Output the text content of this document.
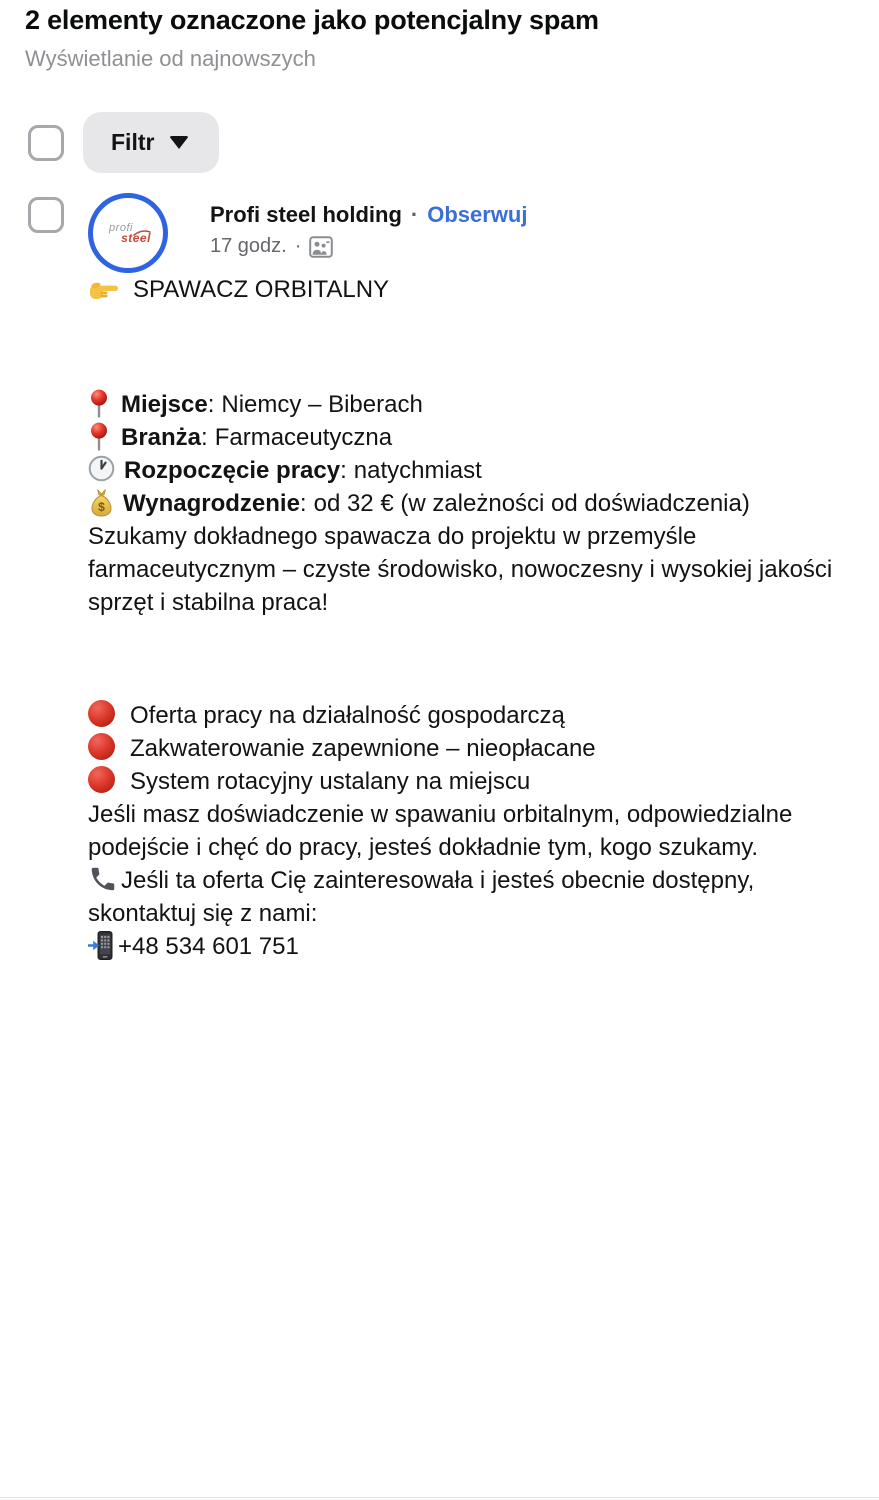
2 elementy oznaczone jako potencjalny spam
Wyświetlanie od najnowszych
Filtr
profi
steel
Profi steel holding · Obserwuj
17 godz. ·

SPAWACZ ORBITALNY

Miejsce: Niemcy – Biberach

Branża: Farmaceutyczna

Rozpoczęcie pracy: natychmiast

$ Wynagrodzenie: od 32 € (w zależności od doświadczenia)

Szukamy dokładnego spawacza do projektu w przemyśle farmaceutycznym – czyste środowisko, nowoczesny i wysokiej jakości sprzęt i stabilna praca!

Oferta pracy na działalność gospodarczą

Zakwaterowanie zapewnione – nieopłacane

System rotacyjny ustalany na miejscu

Jeśli masz doświadczenie w spawaniu orbitalnym, odpowiedzialne podejście i chęć do pracy, jesteś dokładnie tym, kogo szukamy.

Jeśli ta oferta Cię zainteresowała i jesteś obecnie dostępny, skontaktuj się z nami:

+48 534 601 751
